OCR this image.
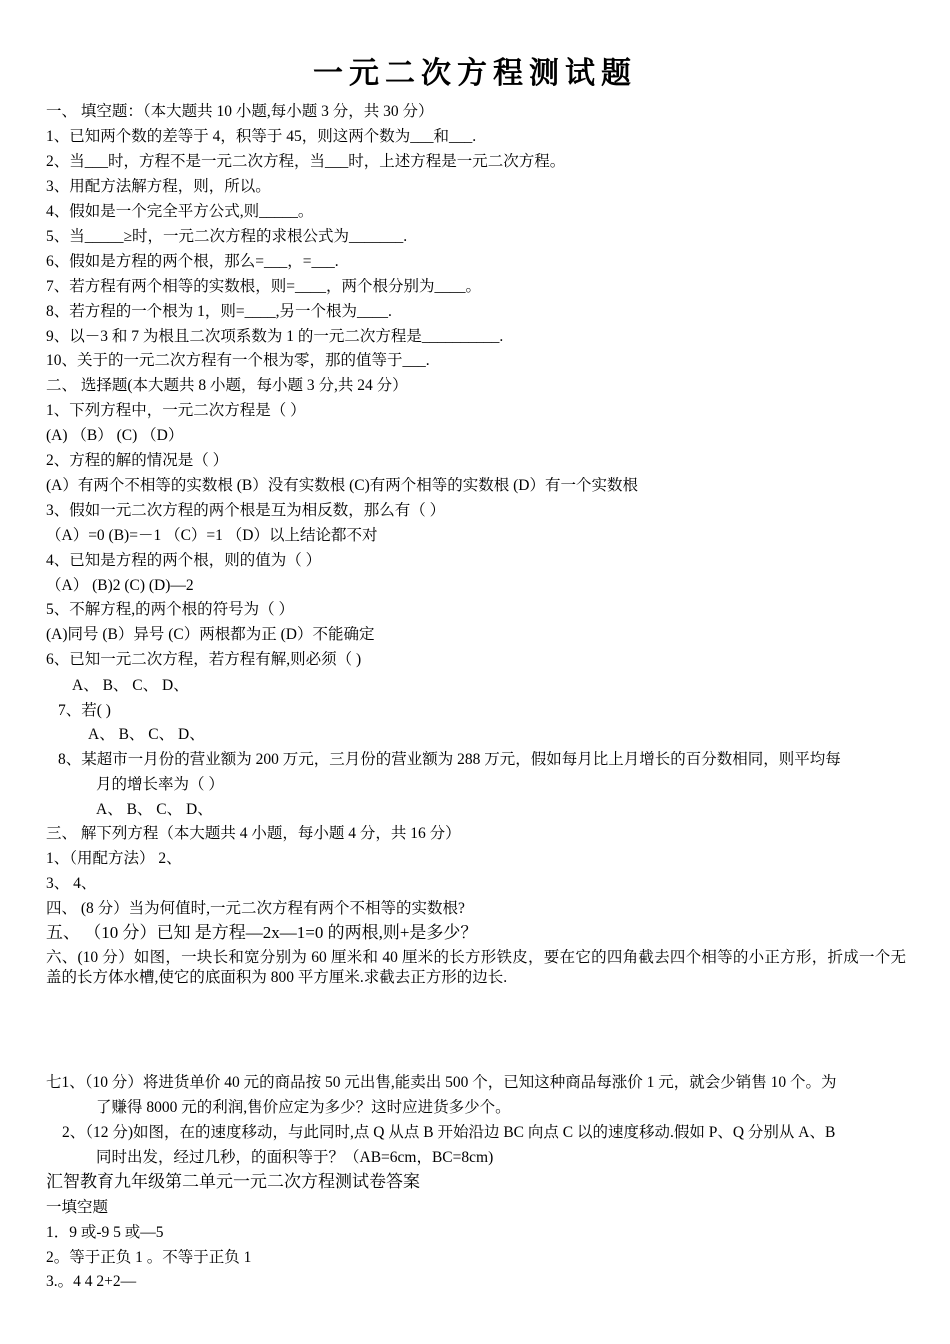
一元二次方程测试题
一、 填空题：（本大题共 10 小题,每小题 3 分，共 30 分）
1、已知两个数的差等于 4，积等于 45，则这两个数为___和___.
2、当___时，方程不是一元二次方程，当___时，上述方程是一元二次方程。
3、用配方法解方程，则，所以。
4、假如是一个完全平方公式,则_____。
5、当_____≥时，一元二次方程的求根公式为_______.
6、假如是方程的两个根，那么=___，=___.
7、若方程有两个相等的实数根，则=____，两个根分别为____。
8、若方程的一个根为 1，则=____,另一个根为____.
9、以－3 和 7 为根且二次项系数为 1 的一元二次方程是__________.
10、关于的一元二次方程有一个根为零，那的值等于___.
二、 选择题(本大题共 8 小题，每小题 3 分,共 24 分）
1、下列方程中，一元二次方程是（ ）
(A) （B） (C) （D）
2、方程的解的情况是（ ）
(A）有两个不相等的实数根 (B）没有实数根 (C)有两个相等的实数根 (D）有一个实数根
3、假如一元二次方程的两个根是互为相反数，那么有（ ）
（A）=0 (B)=－1 （C）=1 （D）以上结论都不对
4、已知是方程的两个根，则的值为（ ）
（A） (B)2 (C) (D)—2
5、不解方程,的两个根的符号为（ ）
(A)同号 (B）异号 (C）两根都为正 (D）不能确定
6、已知一元二次方程，若方程有解,则必须（ )
A、 B、 C、 D、
7、若( )
A、 B、 C、 D、
8、某超市一月份的营业额为 200 万元，三月份的营业额为 288 万元，假如每月比上月增长的百分数相同，则平均每
月的增长率为（ ）
A、 B、 C、 D、
三、 解下列方程（本大题共 4 小题，每小题 4 分，共 16 分）
1、（用配方法） 2、
3、 4、
四、 (8 分）当为何值时,一元二次方程有两个不相等的实数根?
五、 （10 分）已知 是方程—2x—1=0 的两根,则+是多少？
六、(10 分）如图，一块长和宽分别为 60 厘米和 40 厘米的长方形铁皮，要在它的四角截去四个相等的小正方形，折成一个无盖的长方体水槽,使它的底面积为 800 平方厘米.求截去正方形的边长.
七1、（10 分）将进货单价 40 元的商品按 50 元出售,能卖出 500 个，已知这种商品每涨价 1 元，就会少销售 10 个。为
了赚得 8000 元的利润,售价应定为多少？这时应进货多少个。
2、（12 分)如图，在的速度移动，与此同时,点 Q 从点 B 开始沿边 BC 向点 C 以的速度移动.假如 P、Q 分别从 A、B
同时出发，经过几秒，的面积等于？（AB=6cm，BC=8cm)
汇智教育九年级第二单元一元二次方程测试卷答案
一填空题
1．9 或-9 5 或—5
2。等于正负 1 。不等于正负 1
3.。4 4 2+2—
